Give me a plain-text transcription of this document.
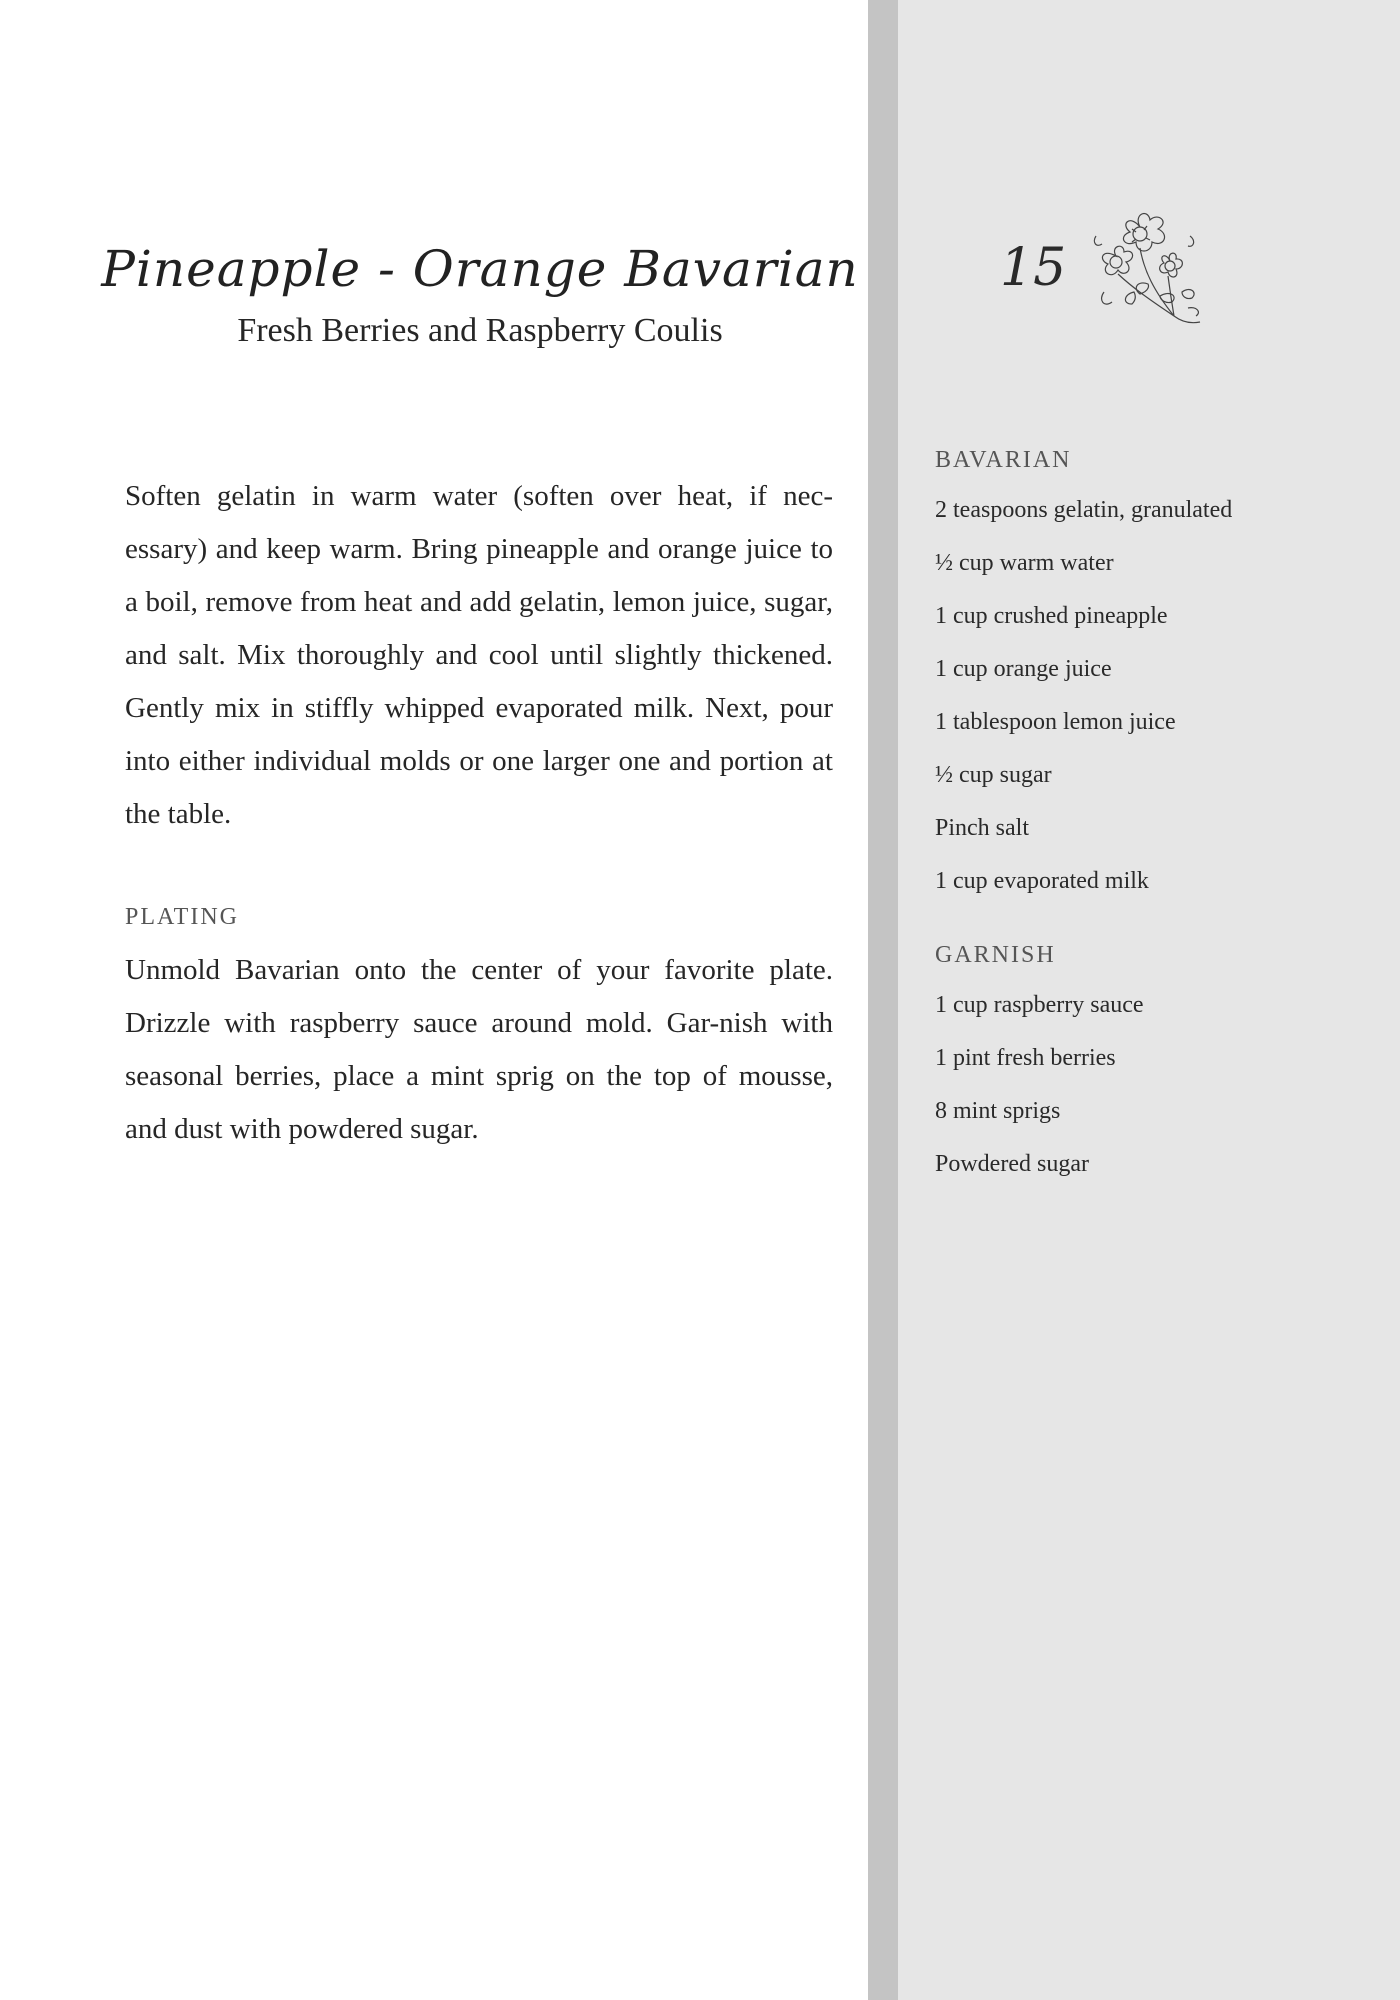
Pineapple - Orange Bavarian
Fresh Berries and Raspberry Coulis
15

Soften gelatin in warm water (soften over heat, if nec-essary) and keep warm. Bring pineapple and orange juice to a boil, remove from heat and add gelatin, lemon juice, sugar, and salt. Mix thoroughly and cool until slightly thickened. Gently mix in stiffly whipped evaporated milk. Next, pour into either individual molds or one larger one and portion at the table.

PLATING

Unmold Bavarian onto the center of your favorite plate. Drizzle with raspberry sauce around mold. Gar-nish with seasonal berries, place a mint sprig on the top of mousse, and dust with powdered sugar.

BAVARIAN
2 teaspoons gelatin, granulated
½ cup warm water
1 cup crushed pineapple
1 cup orange juice
1 tablespoon lemon juice
½ cup sugar
Pinch salt
1 cup evaporated milk
GARNISH
1 cup raspberry sauce
1 pint fresh berries
8 mint sprigs
Powdered sugar
